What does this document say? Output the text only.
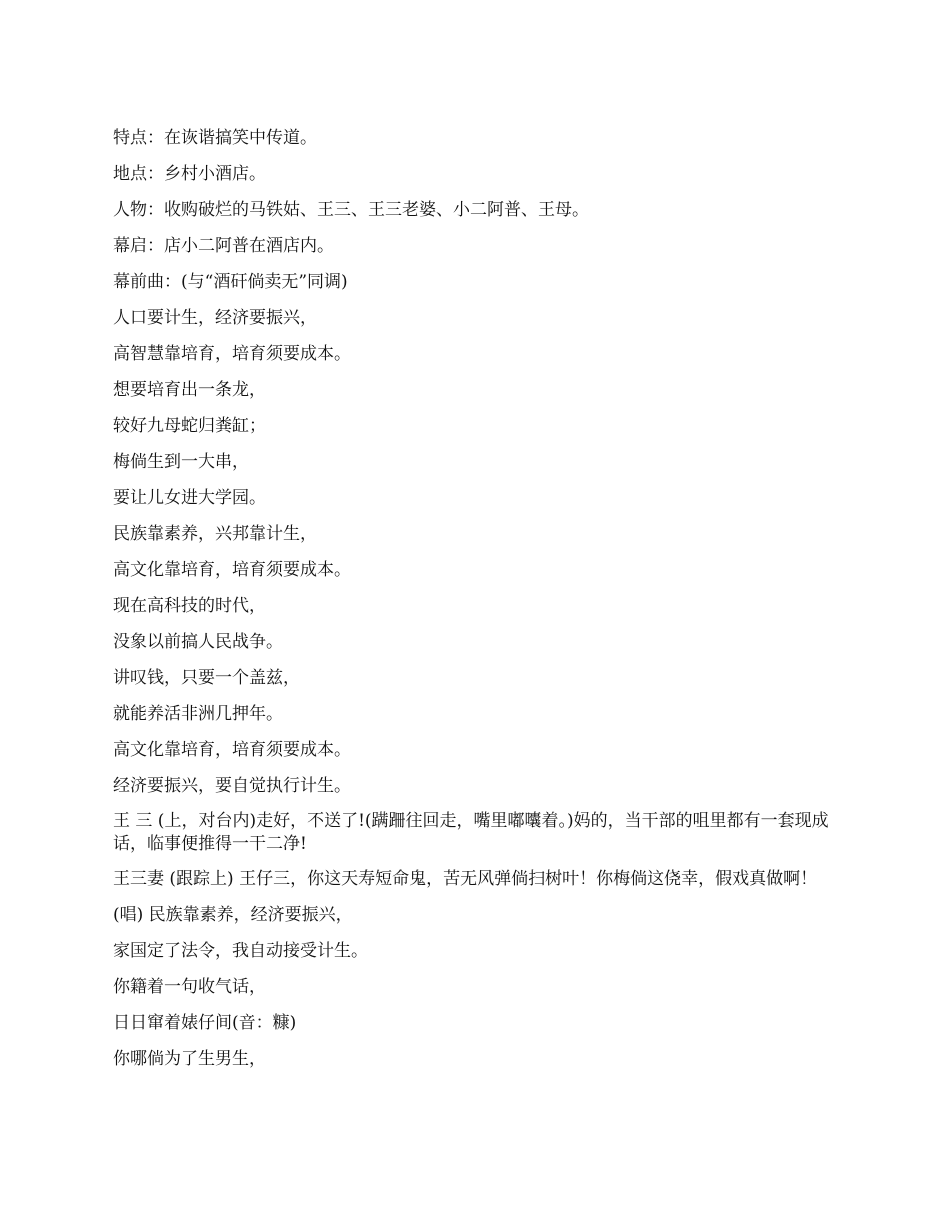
特点：在诙谐搞笑中传道。

地点：乡村小酒店。

人物：收购破烂的马铁姑、王三、王三老婆、小二阿普、王母。

幕启：店小二阿普在酒店内。

幕前曲：(与“酒矸倘卖无”同调)

人口要计生，经济要振兴，

高智慧靠培育，培育须要成本。

想要培育出一条龙，

较好九母蛇归粪缸；

梅倘生到一大串，

要让儿女进大学园。

民族靠素养，兴邦靠计生，

高文化靠培育，培育须要成本。

现在高科技的时代，

没象以前搞人民战争。

讲叹钱，只要一个盖兹，

就能养活非洲几押年。

高文化靠培育，培育须要成本。

经济要振兴，要自觉执行计生。

王 三 (上，对台内)走好，不送了!(蹒跚往回走，嘴里嘟囔着。)妈的，当干部的咀里都有一套现成话，临事便推得一干二净!

王三妻 (跟踪上) 王仔三，你这天寿短命鬼，苦无风弹倘扫树叶！你梅倘这侥幸，假戏真做啊！

(唱) 民族靠素养，经济要振兴，

家国定了法令，我自动接受计生。

你籍着一句收气话，

日日窜着婊仔间(音：糠)

你哪倘为了生男生，
